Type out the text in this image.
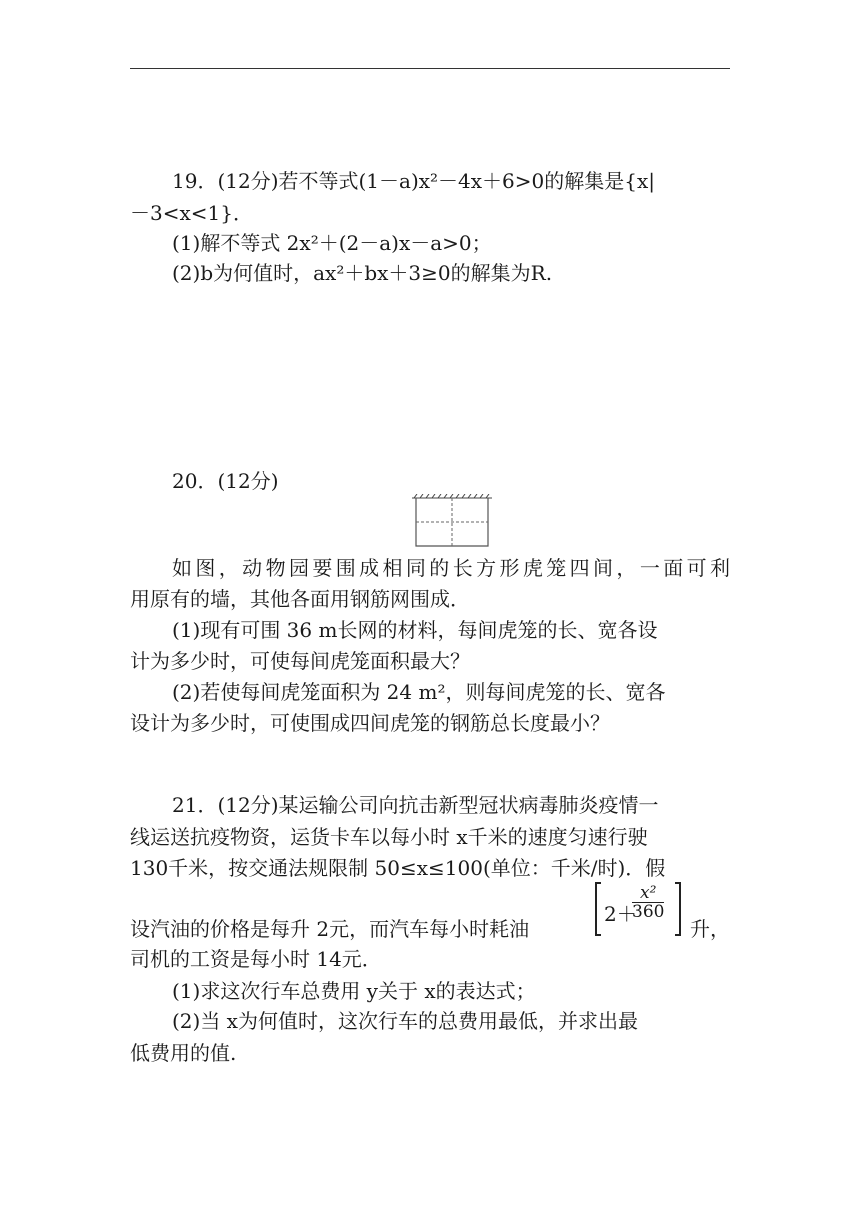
19．(12分)若不等式(1－a)x²－4x＋6>0的解集是{x|
－3<x<1}．
(1)解不等式 2x²＋(2－a)x－a>0；
(2)b为何值时，ax²＋bx＋3≥0的解集为R.
20．(12分)
如图，动物园要围成相同的长方形虎笼四间，一面可利
用原有的墙，其他各面用钢筋网围成．
(1)现有可围 36 m长网的材料，每间虎笼的长、宽各设
计为多少时，可使每间虎笼面积最大？
(2)若使每间虎笼面积为 24 m²，则每间虎笼的长、宽各
设计为多少时，可使围成四间虎笼的钢筋总长度最小？
21．(12分)某运输公司向抗击新型冠状病毒肺炎疫情一
线运送抗疫物资，运货卡车以每小时 x千米的速度匀速行驶
130千米，按交通法规限制 50≤x≤100(单位：千米/时)．假
设汽油的价格是每升 2元，而汽车每小时耗油
2＋
$\frac{\text{x²}}{360}$
升，
司机的工资是每小时 14元．
(1)求这次行车总费用 y关于 x的表达式；
(2)当 x为何值时，这次行车的总费用最低，并求出最
低费用的值.
